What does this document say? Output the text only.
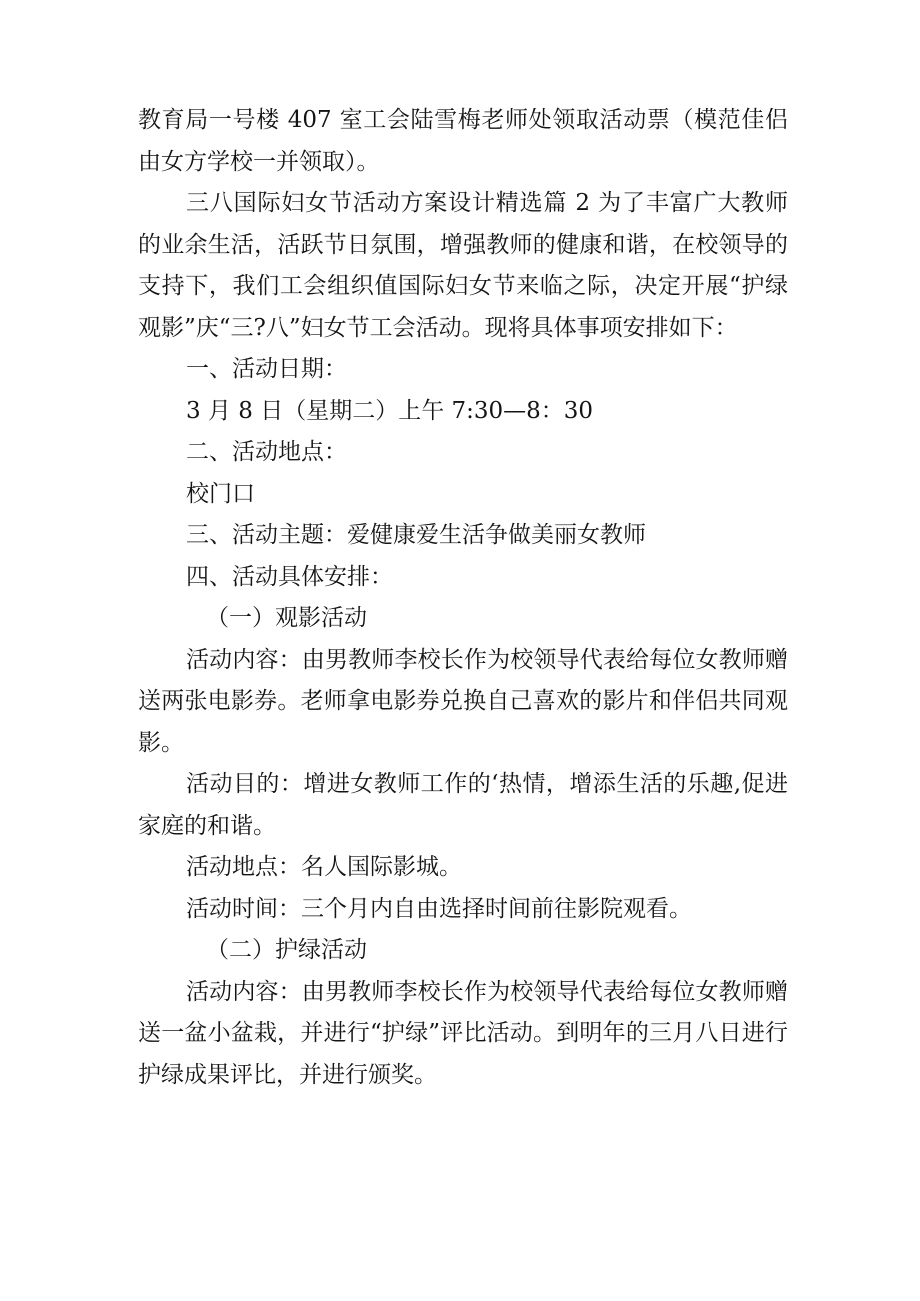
教育局一号楼 407 室工会陆雪梅老师处领取活动票（模范佳侣由女方学校一并领取）。

三八国际妇女节活动方案设计精选篇 2 为了丰富广大教师的业余生活，活跃节日氛围，增强教师的健康和谐，在校领导的支持下，我们工会组织值国际妇女节来临之际，决定开展“护绿观影”庆“三?八”妇女节工会活动。现将具体事项安排如下：

一、活动日期：

3 月 8 日（星期二）上午 7:30—8：30

二、活动地点：

校门口

三、活动主题：爱健康爱生活争做美丽女教师

四、活动具体安排：

（一）观影活动

活动内容：由男教师李校长作为校领导代表给每位女教师赠送两张电影券。老师拿电影券兑换自己喜欢的影片和伴侣共同观影。

活动目的：增进女教师工作的‘热情，增添生活的乐趣,促进家庭的和谐。

活动地点：名人国际影城。

活动时间：三个月内自由选择时间前往影院观看。

（二）护绿活动

活动内容：由男教师李校长作为校领导代表给每位女教师赠送一盆小盆栽，并进行“护绿”评比活动。到明年的三月八日进行护绿成果评比，并进行颁奖。
